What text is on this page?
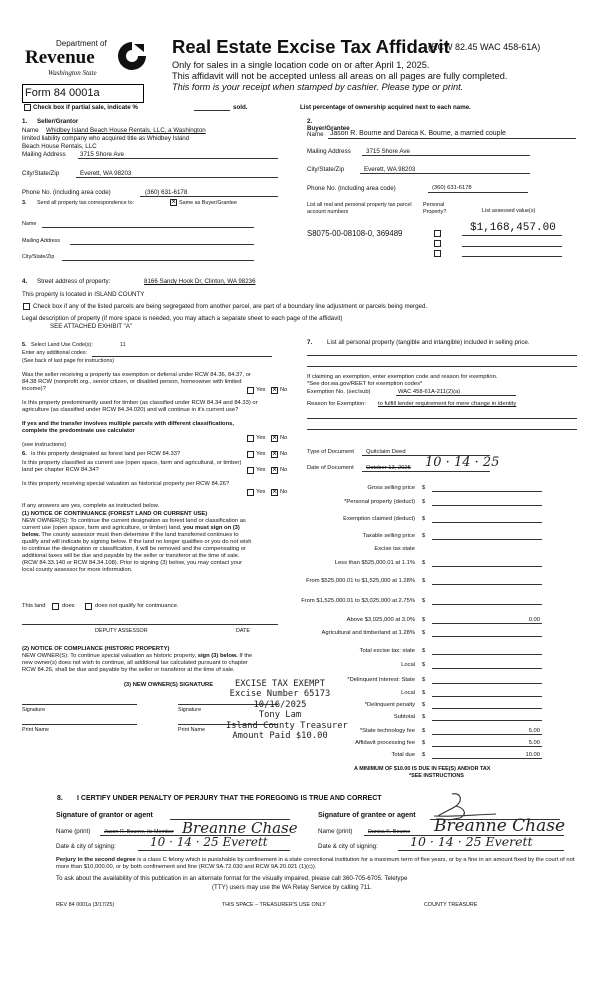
Department of
Revenue
Washington State
Real Estate Excise Tax Affidavit
(RCW 82.45 WAC 458-61A)
Only for sales in a single location code on or after April 1, 2025.
This affidavit will not be accepted unless all areas on all pages are fully completed.
This form is your receipt when stamped by cashier. Please type or print.
Form 84 0001a
Check box if partial sale, indicate %	sold.	List percentage of ownership acquired next to each name.
1. Seller/Grantor
Name Whidbey Island Beach House Rentals, LLC, a Washington
limited liability company who acquired title as Whidbey Island
Beach House Rentals, LLC
Mailing Address 3715 Shore Ave
City/State/Zip	Everett, WA 98203
Phone No. (including area code)	(360) 631-6178
3. Send all property tax correspondence to: ×	Same as Buyer/Grantee
Name
Mailing Address
City/State/Zip
2.
Buyer/Grantee
Name Jason R. Bourne and Danica K. Bourne, a married couple
Mailing Address 3715 Shore Ave
City/State/Zip	Everett, WA 98203
Phone No. (including area code)	(360) 631-6178
List all real and personal property tax parcel account numbers
Personal Property?	List assessed value(s)
S8075-00-08108-0, 369489	$1,168,457.00
4. Street address of property:	8166 Sandy Hook Dr, Clinton, WA 98236
This property is located in ISLAND COUNTY
Check box if any of the listed parcels are being segregated from another parcel, are part of a boundary line adjustment or parcels being merged.
Legal description of property (if more space is needed, you may attach a separate sheet to each page of the affidavit)
SEE ATTACHED EXHIBIT "A"
5. Select Land Use Code(s):	11
Enter any additional codes:
(See back of last page for instructions)
Was the seller receiving a property tax exemption or deferral under RCW 84.36, 84.37, or 84.38 RCW (nonprofit org., senior citizen, or disabled person, homeowner with limited income)?	Yes ×	No
Is this property predominantly used for timber (as classified under RCW 84.34 and 84.33) or agriculture (as classified under RCW 84.34.020) and will continue in it's current use?
If yes and the transfer involves multiple parcels with different classifications, complete the predominate use calculator
(see instructions)
Yes ×	No
6. Is this property designated as forest land per RCW 84.33?	Yes ×	No
Is this property classified as current use (open space, farm and agricultural, or timber) land per chapter RCW 84.34?	Yes ×	No
Is this property receiving special valuation as historical property per RCW 84.26?
Yes ×	No
If any answers are yes, complete as instructed below.
(1) NOTICE OF CONTINUANCE (FOREST LAND OR CURRENT USE)
NEW OWNER(S): To continue the current designation as forest land or classification as current use (open space, farm and agriculture, or timber) land, you must sign on (3) below. The county assessor must then determine if the land transferred continues to qualify and will indicate by signing below. If the land no longer qualifies or you do not wish to continue the designation or classification, it will be removed and the compensating or additional taxes will be due and payable by the seller or transferor at the time of sale. (RCW 84.33.140 or RCW 84.34.108). Prior to signing (3) below, you may contact your local county assessor for more information.
This land	does	does not qualify for continuance.
DEPUTY ASSESSOR	DATE
(2) NOTICE OF COMPLIANCE (HISTORIC PROPERTY)
NEW OWNER(S): To continue special valuation as historic property, sign (3) below. If the new owner(s) does not wish to continue, all additional tax calculated pursuant to chapter RCW 84.26, shall be due and payable by the seller or transferor at the time of sale.
(3) NEW OWNER(S) SIGNATURE
Signature	Signature
Print Name	Print Name
EXCISE TAX EXEMPT
Excise Number 65173
10/16/2025
Tony Lam
Island County Treasurer
Amount Paid $10.00
7. List all personal property (tangible and intangible) included in selling price.
If claiming an exemption, enter exemption code and reason for exemption.
*See dor.wa.gov/REET for exemption codes*
Exemption No. (sec/sub)	WAC 458-61A-211(2)(a)
Reason for Exemption: to fulfill lender requirement for mere change in identity
Type of Document Quitclaim Deed
Date of Document October 13, 2025 10 · 14 · 25
Gross selling price $
*Personal property (deduct) $
Exemption claimed (deduct) $
Taxable selling price $
Excise tax state
Less than $525,000.01 at 1.1% $
From $525,000.01 to $1,525,000 at 1.28% $
From $1,525,000.01 to $3,025,000 at 2.75% $
Above $3,025,000 at 3.0% $	0.00
Agricultural and timberland at 1.28% $
Total excise tax: state $
Local $
*Delinquent Interest: State $
Local $
*Delinquent penalty $
Subtotal $
*State technology fee $	5.00
Affidavit processing fee $	5.00
Total due $	10.00
A MINIMUM OF $10.00 IS DUE IN FEE(S) AND/OR TAX
*SEE INSTRUCTIONS
8. I CERTIFY UNDER PENALTY OF PERJURY THAT THE FOREGOING IS TRUE AND CORRECT
Signature of grantor or agent	Signature of grantee or agent
Name (print)	Jason R. Bourne, its Member Breanne Chase	Name (print)	Danica K. Bourne Breanne Chase
Date & city of signing:	10 · 14 · 25 Everett	Date & city of signing:	10 · 14 · 25 Everett
Perjury in the second degree is a class C felony which is punishable by confinement in a state correctional institution for a maximum term of five years, or by a fine in an amount fixed by the court of not more than $10,000.00, or by both confinement and fine (RCW 9A.72.030 and RCW 9A.20.021 (1)(c)).
To ask about the availability of this publication in an alternate format for the visually impaired, please call 360-705-6705. Teletype
(TTY) users may use the WA Relay Service by calling 711.
REV 84 0001a (3/17/25)	THIS SPACE – TREASURER'S USE ONLY	COUNTY TREASURE
